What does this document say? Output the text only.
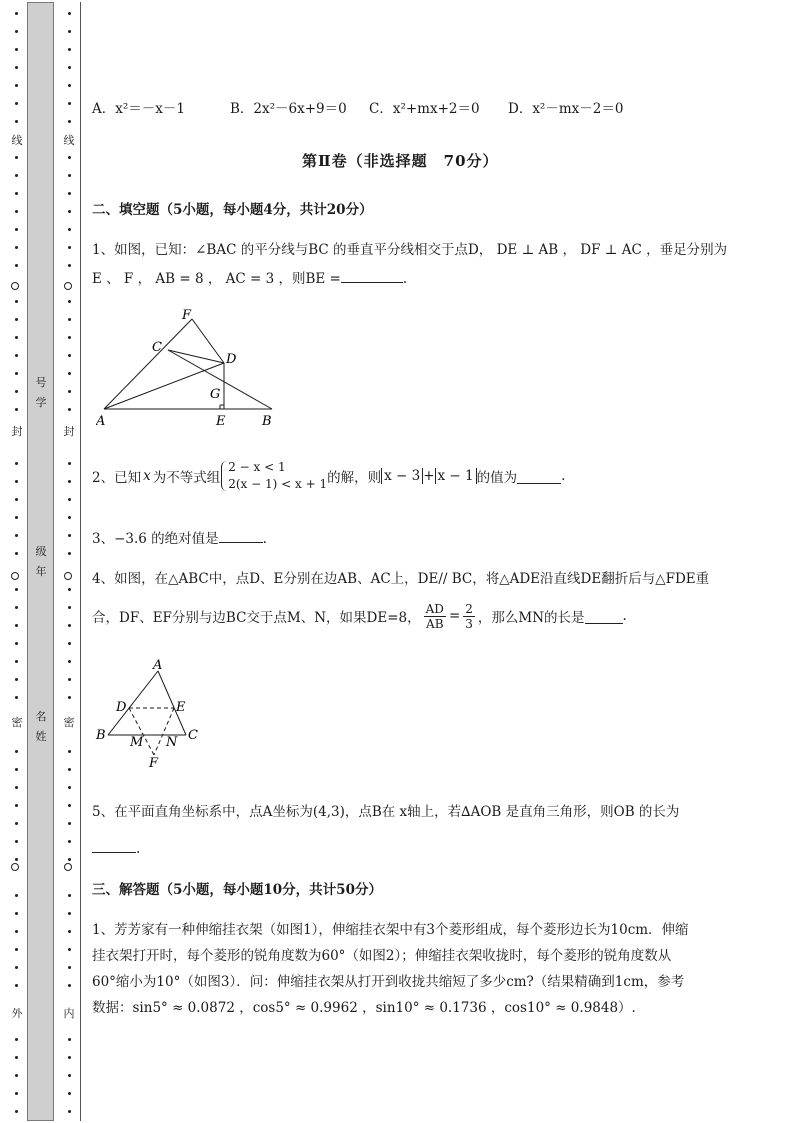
线
封
密
外
线
封
密
内
号
学
级
年
名
姓
A．x²＝－x－1	B．2x²－6x+9＝0 C．x²+mx+2＝0 D．x²－mx－2＝0
第Ⅱ卷（非选择题　70分）
二、填空题（5小题，每小题4分，共计20分）
1、如图，已知：∠BAC 的平分线与BC 的垂直平分线相交于点D， DE ⊥ AB ， DF ⊥ AC ，垂足分别为
E 、 F ， AB = 8 ， AC = 3 ，则BE =	.
F
C
D
G
A	E	B
2、已知 x 为不等式组
2 − x < 1
2(x − 1) < x + 1 的解，则 x − 3 + x − 1 的值为	.
3、−3.6 的绝对值是	.
4、如图，在△ABC中，点D、E分别在边AB、AC上，DE// BC，将△ADE沿直线DE翻折后与△FDE重
合，DF、EF分别与边BC交于点M、N，如果DE=8， $\frac{AD}{AB} = \frac{2}{3}$ ，那么MN的长是	.
A
D	E
B M N C
F
5、在平面直角坐标系中，点A坐标为(4,3)，点B在 x轴上，若∆AOB 是直角三角形，则OB 的长为
.
三、解答题（5小题，每小题10分，共计50分）
1、芳芳家有一种伸缩挂衣架（如图1），伸缩挂衣架中有3个菱形组成，每个菱形边长为10cm．伸缩
挂衣架打开时，每个菱形的锐角度数为60°（如图2）；伸缩挂衣架收拢时，每个菱形的锐角度数从
60°缩小为10°（如图3）．问：伸缩挂衣架从打开到收拢共缩短了多少cm?（结果精确到1cm，参考
数据：sin5° ≈ 0.0872 ，cos5° ≈ 0.9962 ，sin10° ≈ 0.1736 ，cos10° ≈ 0.9848）.
